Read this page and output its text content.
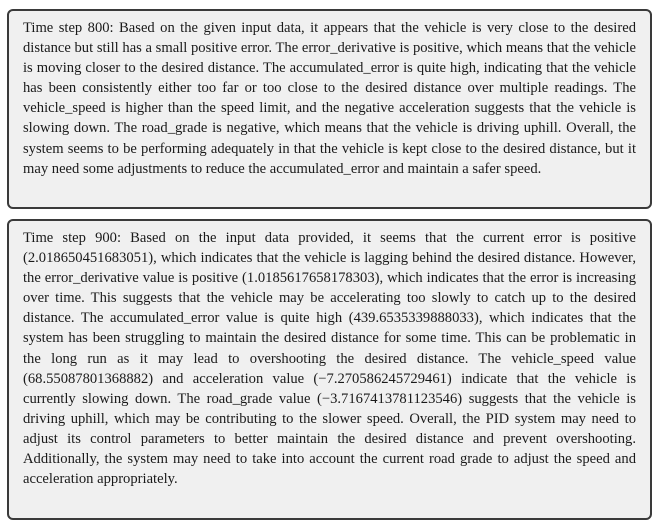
Time step 800: Based on the given input data, it appears that the vehicle is very close to the desired distance but still has a small positive error. The error_derivative is positive, which means that the vehicle is moving closer to the desired distance. The accumulated_error is quite high, indicating that the vehicle has been consistently either too far or too close to the desired distance over multiple readings. The vehicle_speed is higher than the speed limit, and the negative acceleration suggests that the vehicle is slowing down. The road_grade is negative, which means that the vehicle is driving uphill. Overall, the system seems to be performing adequately in that the vehicle is kept close to the desired distance, but it may need some adjustments to reduce the accumulated_error and maintain a safer speed.

Time step 900: Based on the input data provided, it seems that the current error is positive (2.018650451683051), which indicates that the vehicle is lagging behind the desired distance. However, the error_derivative value is positive (1.0185617658178303), which indicates that the error is increasing over time. This suggests that the vehicle may be accelerating too slowly to catch up to the desired distance. The accumulated_error value is quite high (439.6535339888033), which indicates that the system has been struggling to maintain the desired distance for some time. This can be problematic in the long run as it may lead to overshooting the desired distance. The vehicle_speed value (68.55087801368882) and acceleration value (−7.270586245729461) indicate that the vehicle is currently slowing down. The road_grade value (−3.7167413781123546) suggests that the vehicle is driving uphill, which may be contributing to the slower speed. Overall, the PID system may need to adjust its control parameters to better maintain the desired distance and prevent overshooting. Additionally, the system may need to take into account the current road grade to adjust the speed and acceleration appropriately.
